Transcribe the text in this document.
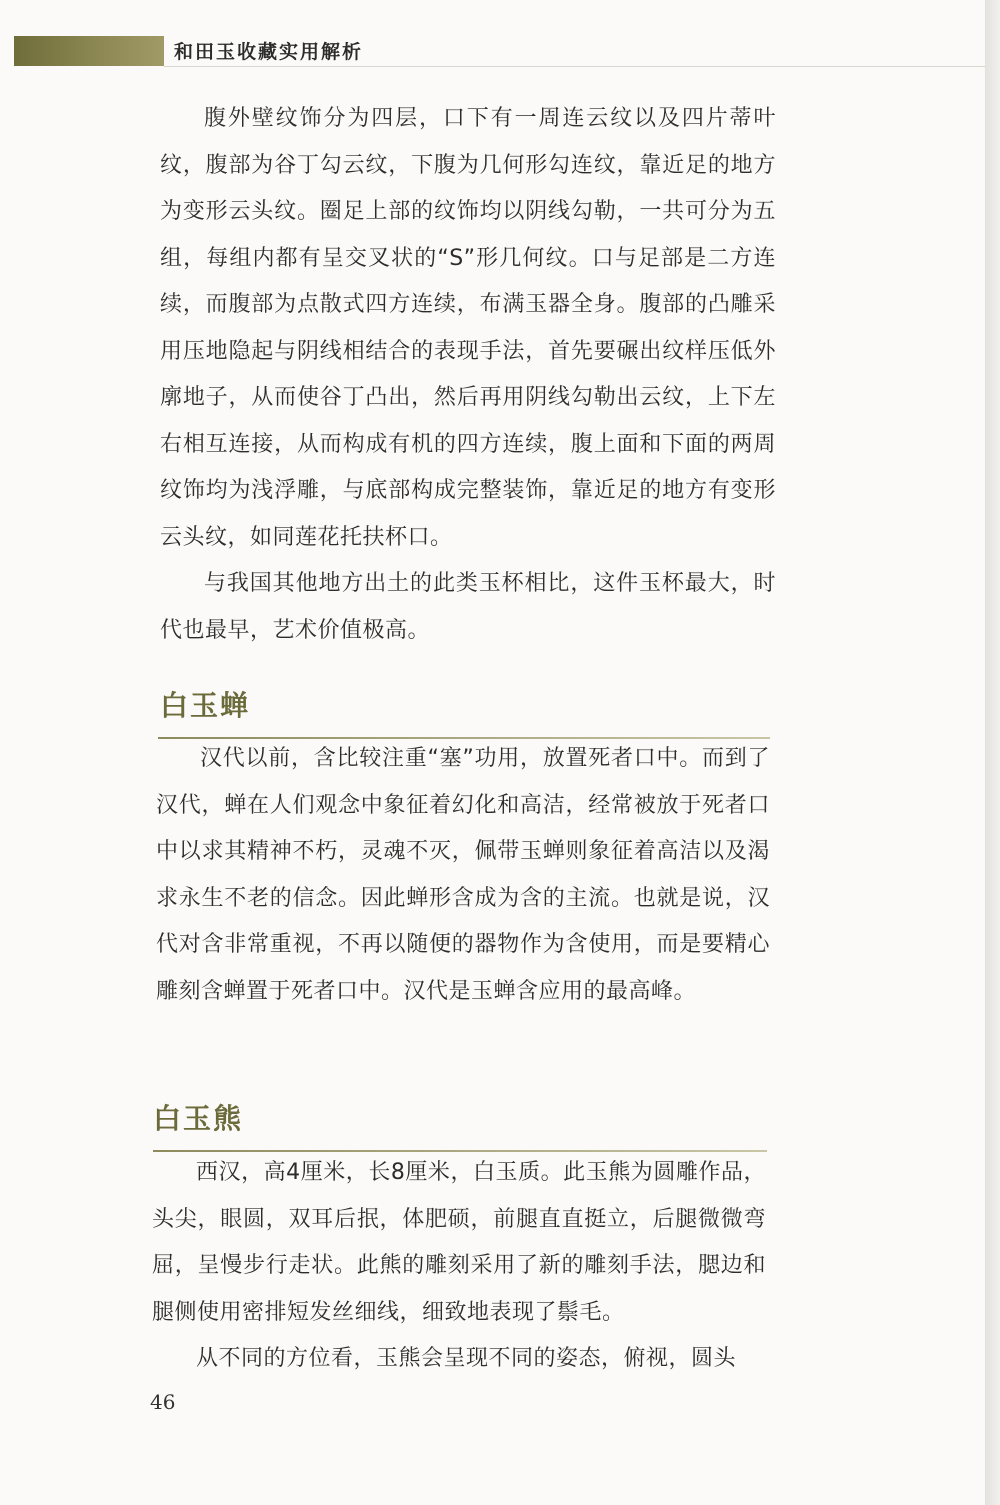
和田玉收藏实用解析

腹外壁纹饰分为四层，口下有一周连云纹以及四片蒂叶纹，腹部为谷丁勾云纹，下腹为几何形勾连纹，靠近足的地方为变形云头纹。圈足上部的纹饰均以阴线勾勒，一共可分为五组，每组内都有呈交叉状的“S”形几何纹。口与足部是二方连续，而腹部为点散式四方连续，布满玉器全身。腹部的凸雕采用压地隐起与阴线相结合的表现手法，首先要碾出纹样压低外廓地子，从而使谷丁凸出，然后再用阴线勾勒出云纹，上下左右相互连接，从而构成有机的四方连续，腹上面和下面的两周纹饰均为浅浮雕，与底部构成完整装饰，靠近足的地方有变形云头纹，如同莲花托扶杯口。

与我国其他地方出土的此类玉杯相比，这件玉杯最大，时代也最早，艺术价值极高。

白玉蝉

汉代以前，含比较注重“塞”功用，放置死者口中。而到了汉代，蝉在人们观念中象征着幻化和高洁，经常被放于死者口中以求其精神不朽，灵魂不灭，佩带玉蝉则象征着高洁以及渴求永生不老的信念。因此蝉形含成为含的主流。也就是说，汉代对含非常重视，不再以随便的器物作为含使用，而是要精心雕刻含蝉置于死者口中。汉代是玉蝉含应用的最高峰。

白玉熊

西汉，高4厘米，长8厘米，白玉质。此玉熊为圆雕作品，头尖，眼圆，双耳后抿，体肥硕，前腿直直挺立，后腿微微弯屈，呈慢步行走状。此熊的雕刻采用了新的雕刻手法，腮边和腿侧使用密排短发丝细线，细致地表现了鬃毛。

从不同的方位看，玉熊会呈现不同的姿态，俯视，圆头

46
